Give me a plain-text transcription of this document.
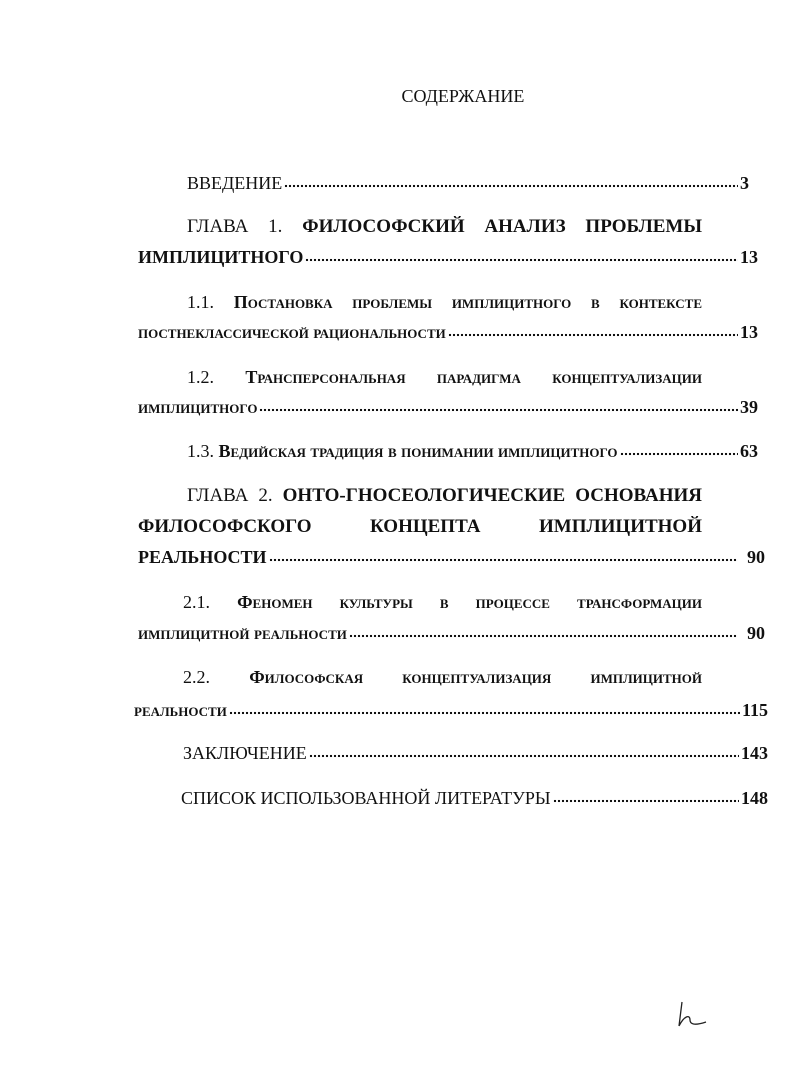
СОДЕРЖАНИЕ
ВВЕДЕНИЕ	3
ГЛАВА 1. ФИЛОСОФСКИЙ АНАЛИЗ ПРОБЛЕМЫ
ИМПЛИЦИТНОГО	13
1.1. Постановка проблемы имплицитного в контексте
постнеклассической рациональности	13
1.2. Трансперсональная парадигма концептуализации
имплицитного	39
1.3.
Ведийская традиция в понимании имплицитного	63
ГЛАВА 2. ОНТО-ГНОСЕОЛОГИЧЕСКИЕ ОСНОВАНИЯ
ФИЛОСОФСКОГО КОНЦЕПТА ИМПЛИЦИТНОЙ
РЕАЛЬНОСТИ	90
2.1. Феномен культуры в процессе трансформации
имплицитной реальности	90
2.2. Философская концептуализация имплицитной
реальности	115
ЗАКЛЮЧЕНИЕ	143
СПИСОК ИСПОЛЬЗОВАННОЙ ЛИТЕРАТУРЫ	148
